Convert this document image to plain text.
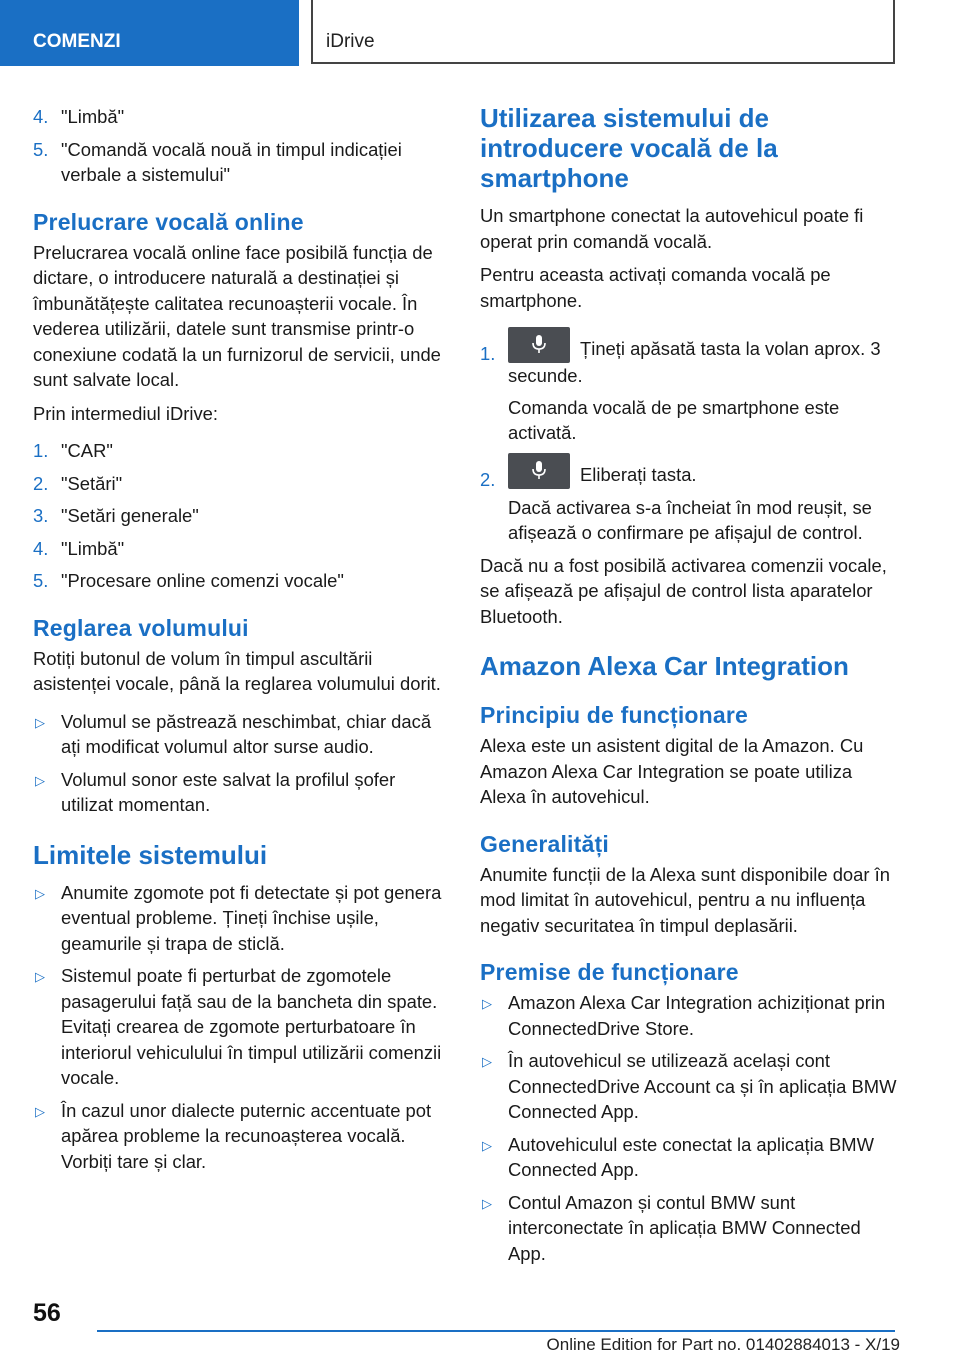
COMENZI	iDrive
4. "Limbă"
5. "Comandă vocală nouă in timpul indicației verbale a sistemului"
Prelucrare vocală online

Prelucrarea vocală online face posibilă funcția de dictare, o introducere naturală a destinației și îmbunătățește calitatea recunoașterii vocale. În vederea utilizării, datele sunt transmise printr-o conexiune codată la un furnizorul de servicii, unde sunt salvate local.

Prin intermediul iDrive:

1. "CAR"
2. "Setări"
3. "Setări generale"
4. "Limbă"
5. "Procesare online comenzi vocale"
Reglarea volumului

Rotiți butonul de volum în timpul ascultării asistenței vocale, până la reglarea volumului dorit.

▷ Volumul se păstrează neschimbat, chiar dacă ați modificat volumul altor surse audio.
▷ Volumul sonor este salvat la profilul șofer utilizat momentan.
Limitele sistemului
▷ Anumite zgomote pot fi detectate și pot genera eventual probleme. Țineți închise ușile, geamurile și trapa de sticlă.
▷ Sistemul poate fi perturbat de zgomotele pasagerului față sau de la bancheta din spate. Evitați crearea de zgomote perturbatoare în interiorul vehiculului în timpul utilizării comenzii vocale.
▷ În cazul unor dialecte puternic accentuate pot apărea probleme la recunoașterea vocală. Vorbiți tare și clar.
Utilizarea sistemului de introducere vocală de la smartphone

Un smartphone conectat la autovehicul poate fi operat prin comandă vocală.

Pentru aceasta activați comanda vocală pe smartphone.

1.	Țineți apăsată tasta la volan aprox. 3 secunde.
Comanda vocală de pe smartphone este activată.
2.	Eliberați tasta.
Dacă activarea s-a încheiat în mod reușit, se afișează o confirmare pe afișajul de control.

Dacă nu a fost posibilă activarea comenzii vocale, se afișează pe afișajul de control lista aparatelor Bluetooth.

Amazon Alexa Car Integration
Principiu de funcționare

Alexa este un asistent digital de la Amazon. Cu Amazon Alexa Car Integration se poate utiliza Alexa în autovehicul.

Generalități

Anumite funcții de la Alexa sunt disponibile doar în mod limitat în autovehicul, pentru a nu influența negativ securitatea în timpul deplasării.

Premise de funcționare
▷ Amazon Alexa Car Integration achiziționat prin ConnectedDrive Store.
▷ În autovehicul se utilizează același cont ConnectedDrive Account ca și în aplicația BMW Connected App.
▷ Autovehiculul este conectat la aplicația BMW Connected App.
▷ Contul Amazon și contul BMW sunt interconectate în aplicația BMW Connected App.
56
Online Edition for Part no. 01402884013 - X/19
